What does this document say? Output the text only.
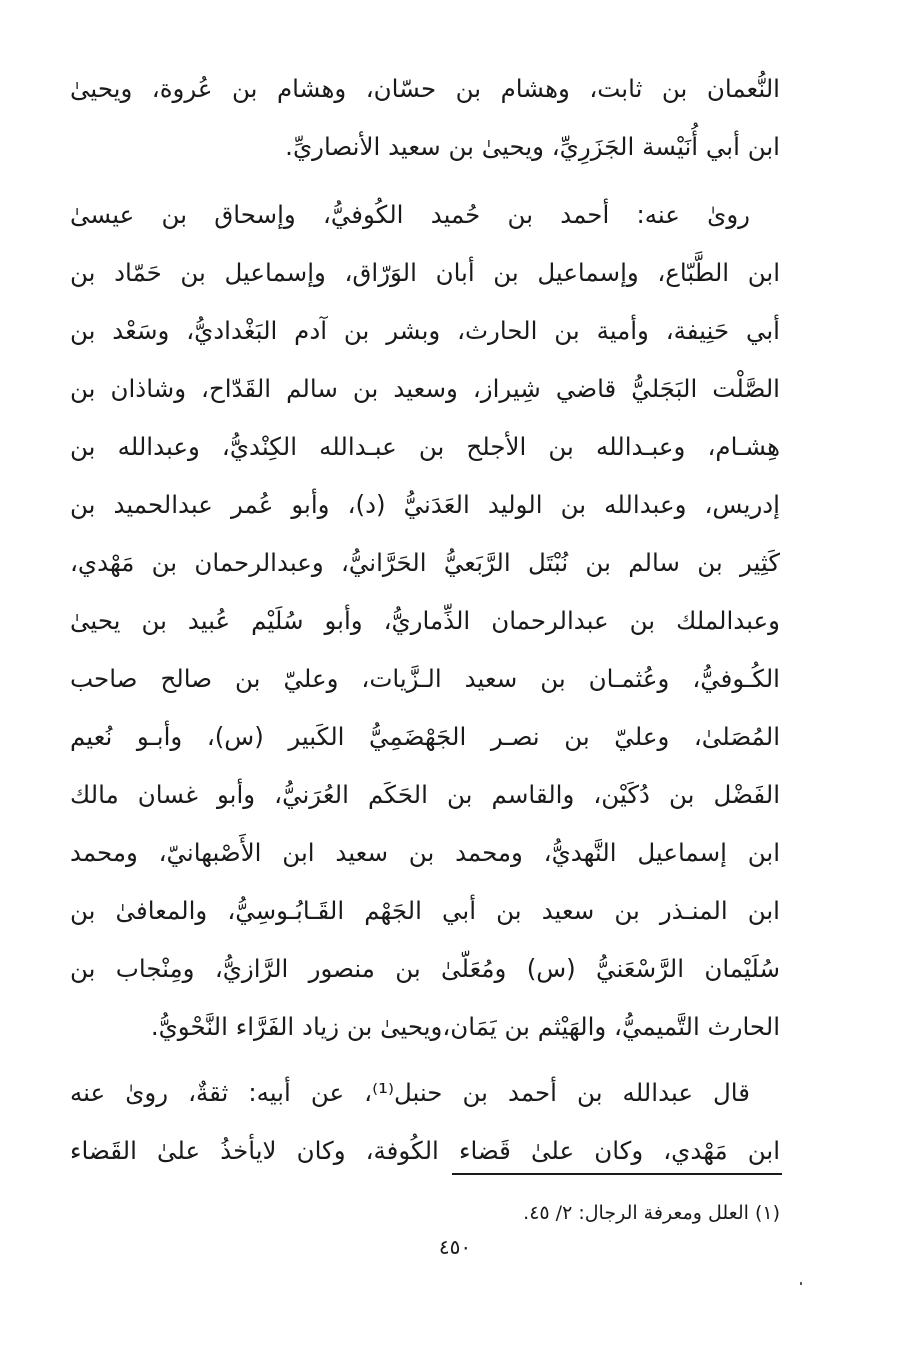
النُّعمان بن ثابت، وهشام بن حسّان، وهشام بن عُروة، ويحيىٰ
ابن أبي أُنَيْسة الجَزَرِيِّ، ويحيىٰ بن سعيد الأنصاريِّ.
رویٰ عنه: أحمد بن حُميد الكُوفيُّ، وإسحاق بن عيسىٰ
ابن الطَّبّاع، وإسماعيل بن أبان الوَرّاق، وإسماعيل بن حَمّاد بن
أبي حَنِيفة، وأمية بن الحارث، وبشر بن آدم البَغْداديُّ، وسَعْد بن
الصَّلْت البَجَليُّ قاضي شِيراز، وسعيد بن سالم القَدّاح، وشاذان بن
هِشـام، وعبـدالله بن الأجلح بن عبـدالله الكِنْديُّ، وعبدالله بن
إدريس، وعبدالله بن الوليد العَدَنيُّ (د)، وأبو عُمر عبدالحميد بن
كَثِير بن سالم بن نُبْتَل الرَّبَعيُّ الحَرَّانيُّ، وعبدالرحمان بن مَهْدي،
وعبدالملك بن عبدالرحمان الذِّماريُّ، وأبو سُلَيْم عُبيد بن يحيىٰ
الكُـوفيُّ، وعُثمـان بن سعيد الـزَّيات، وعليّ بن صالح صاحب
المُصَلىٰ، وعليّ بن نصـر الجَهْضَمِيُّ الكَبير (س)، وأبـو نُعيم
الفَضْل بن دُكَيْن، والقاسم بن الحَكَم العُرَنيُّ، وأبو غسان مالك
ابن إسماعيل النَّهديُّ، ومحمد بن سعيد ابن الأَصْبهانيّ، ومحمد
ابن المنـذر بن سعيد بن أبي الجَهْم القَـابُـوسِيُّ، والمعافىٰ بن
سُلَيْمان الرَّسْعَنيُّ (س) ومُعَلّىٰ بن منصور الرَّازيُّ، ومِنْجاب بن
الحارث التَّميميُّ، والهَيْثم بن يَمَان،ويحيىٰ بن زياد الفَرَّاء النَّحْويُّ.
قال عبدالله بن أحمد بن حنبل⁽¹⁾، عن أبيه: ثقةٌ، رویٰ عنه
ابن مَهْدي، وكان علىٰ قَضاء الكُوفة، وكان لايأخذُ علىٰ القَضاء
(١) العلل ومعرفة الرجال: ٢/ ٤٥.
٤٥٠
